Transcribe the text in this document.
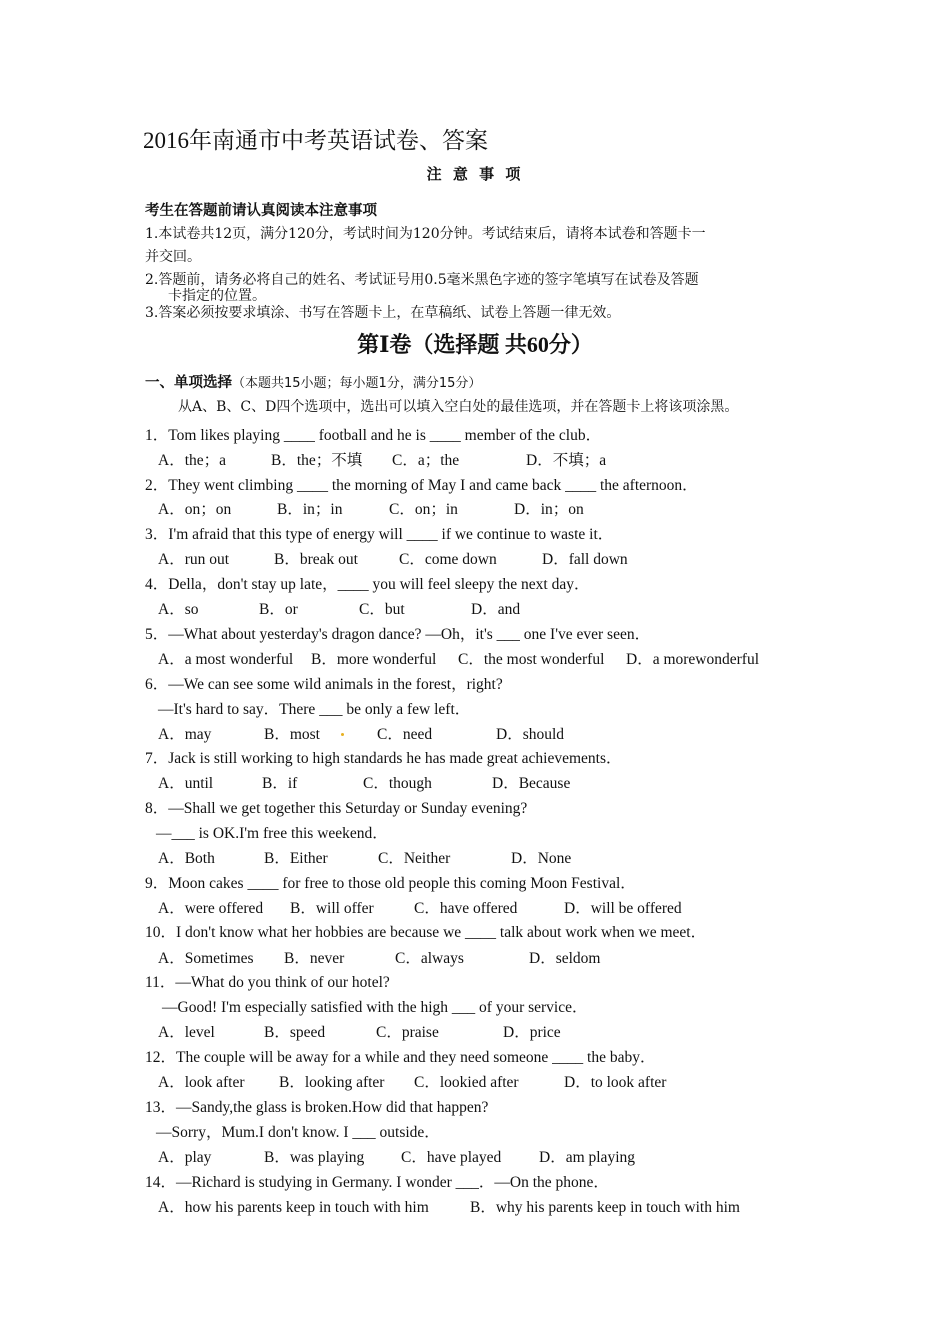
2016年南通市中考英语试卷、答案
注 意 事 项
考生在答题前请认真阅读本注意事项
1.本试卷共12页，满分120分，考试时间为120分钟。考试结束后，请将本试卷和答题卡一
并交回。
2.答题前，请务必将自己的姓名、考试证号用0.5毫米黑色字迹的签字笔填写在试卷及答题
卡指定的位置。
3.答案必须按要求填涂、书写在答题卡上，在草稿纸、试卷上答题一律无效。
第Ⅰ卷（选择题 共60分）
一、单项选择（本题共15小题；每小题1分，满分15分）
从A、B、C、D四个选项中，选出可以填入空白处的最佳选项，并在答题卡上将该项涂黑。
1．Tom likes playing ____ football and he is ____ member of the club．
A．the；a	B．the；不填 C．a；the	D．不填；a
2．They went climbing ____ the morning of May I and came back ____ the afternoon．
A．on；on	B．in；in	C．on；in	D．in；on
3．I'm afraid that this type of energy will ____ if we continue to waste it．
A．run out	B．break out	C．come down	D．fall down
4．Della，don't stay up late，____ you will feel sleepy the next day．
A．so	B．or	C．but	D．and
5．—What about yesterday's dragon dance? —Oh，it's ___ one I've ever seen．
A．a most wonderful B．more wonderful C．the most wonderful D．a morewonderful
6．—We can see some wild animals in the forest，right?
—It's hard to say．There ___ be only a few left．
A．may	B．most	C．need	D．should
7．Jack is still working to high standards he has made great achievements．
A．until	B．if	C．though	D．Because
8．—Shall we get together this Seturday or Sunday evening?
—___ is OK.I'm free this weekend．
A．Both	B．Either	C．Neither	D．None
9．Moon cakes ____ for free to those old people this coming Moon Festival．
A．were offered B．will offer	C．have offered	D．will be offered
10．I don't know what her hobbies are because we ____ talk about work when we meet．
A．Sometimes B．never	C．always	D．seldom
11．—What do you think of our hotel?
—Good! I'm especially satisfied with the high ___ of your service．
A．level	B．speed	C．praise	D．price
12．The couple will be away for a while and they need someone ____ the baby．
A．look after B．looking after C．lookied after	D．to look after
13．—Sandy,the glass is broken.How did that happen?
—Sorry，Mum.I don't know. I ___ outside．
A．play	B．was playing C．have played D．am playing
14．—Richard is studying in Germany. I wonder ___．—On the phone．
A．how his parents keep in touch with him	B．why his parents keep in touch with him
